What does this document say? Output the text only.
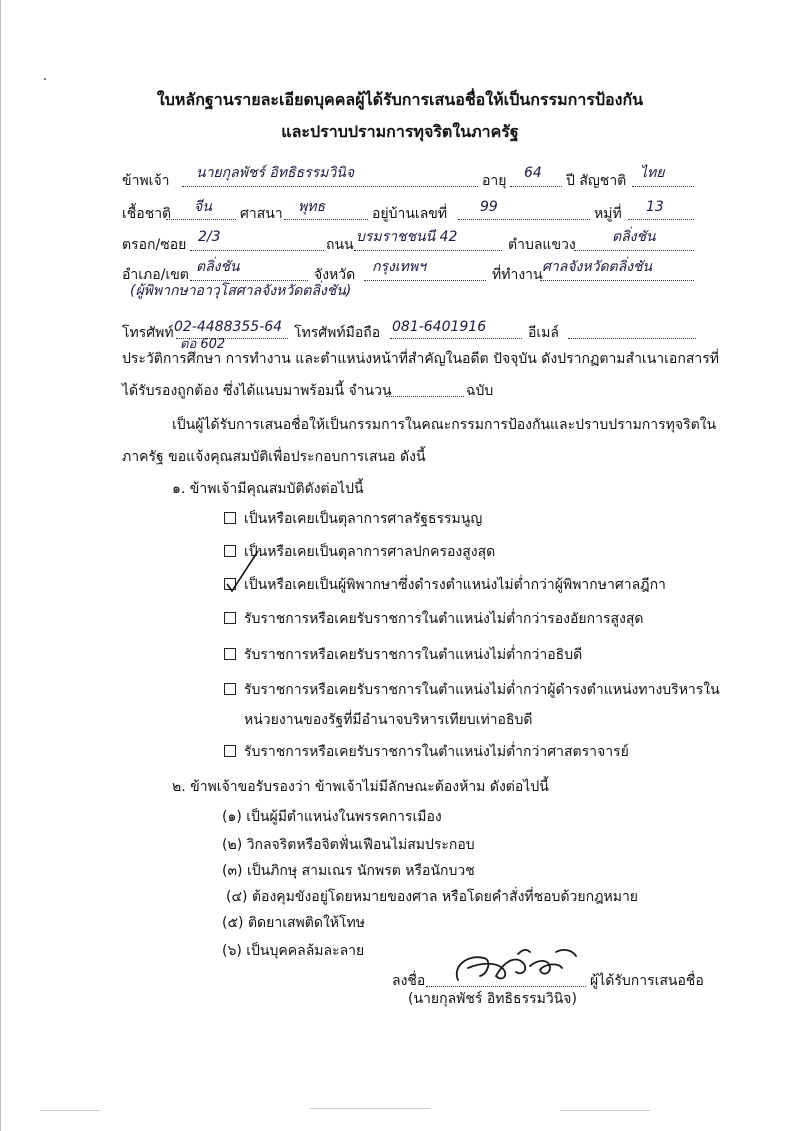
ใบหลักฐานรายละเอียดบุคคลผู้ได้รับการเสนอชื่อให้เป็นกรรมการป้องกัน
และปราบปรามการทุจริตในภาครัฐ
ข้าพเจ้า นายกุลพัชร์ อิทธิธรรมวินิจ	อายุ 64 ปี สัญชาติ ไทย
เชื้อชาติ จีน ศาสนา พุทธ	อยู่บ้านเลขที่ 99	หมู่ที่ 13
ตรอก/ซอย 2/3	ถนน บรมราชชนนี 42	ตำบลแขวง	ตลิ่งชัน
อำเภอ/เขต ตลิ่งชัน	จังหวัด กรุงเทพฯ	ที่ทำงาน ศาลจังหวัดตลิ่งชัน
(ผู้พิพากษาอาวุโสศาลจังหวัดตลิ่งชัน)
โทรศัพท์ 02-4488355-64 โทรศัพท์มือถือ 081-6401916	อีเมล์
ต่อ 602
ประวัติการศึกษา การทำงาน และตำแหน่งหน้าที่สำคัญในอดีต ปัจจุบัน ดังปรากฏตามสำเนาเอกสารที่
ได้รับรองถูกต้อง ซึ่งได้แนบมาพร้อมนี้ จำนวน	ฉบับ
เป็นผู้ได้รับการเสนอชื่อให้เป็นกรรมการในคณะกรรมการป้องกันและปราบปรามการทุจริตใน
ภาครัฐ ขอแจ้งคุณสมบัติเพื่อประกอบการเสนอ ดังนี้
๑. ข้าพเจ้ามีคุณสมบัติดังต่อไปนี้
เป็นหรือเคยเป็นตุลาการศาลรัฐธรรมนูญ
เป็นหรือเคยเป็นตุลาการศาลปกครองสูงสุด
เป็นหรือเคยเป็นผู้พิพากษาซึ่งดำรงตำแหน่งไม่ต่ำกว่าผู้พิพากษาศาลฎีกา
รับราชการหรือเคยรับราชการในตำแหน่งไม่ต่ำกว่ารองอัยการสูงสุด
รับราชการหรือเคยรับราชการในตำแหน่งไม่ต่ำกว่าอธิบดี
รับราชการหรือเคยรับราชการในตำแหน่งไม่ต่ำกว่าผู้ดำรงตำแหน่งทางบริหารใน
หน่วยงานของรัฐที่มีอำนาจบริหารเทียบเท่าอธิบดี
รับราชการหรือเคยรับราชการในตำแหน่งไม่ต่ำกว่าศาสตราจารย์
๒. ข้าพเจ้าขอรับรองว่า ข้าพเจ้าไม่มีลักษณะต้องห้าม ดังต่อไปนี้
(๑) เป็นผู้มีตำแหน่งในพรรคการเมือง
(๒) วิกลจริตหรือจิตฟั่นเฟือนไม่สมประกอบ
(๓) เป็นภิกษุ สามเณร นักพรต หรือนักบวช
(๔) ต้องคุมขังอยู่โดยหมายของศาล หรือโดยคำสั่งที่ชอบด้วยกฎหมาย
(๕) ติดยาเสพติดให้โทษ
(๖) เป็นบุคคลล้มละลาย
ลงชื่อ	ผู้ได้รับการเสนอชื่อ
(นายกุลพัชร์ อิทธิธรรมวินิจ)
